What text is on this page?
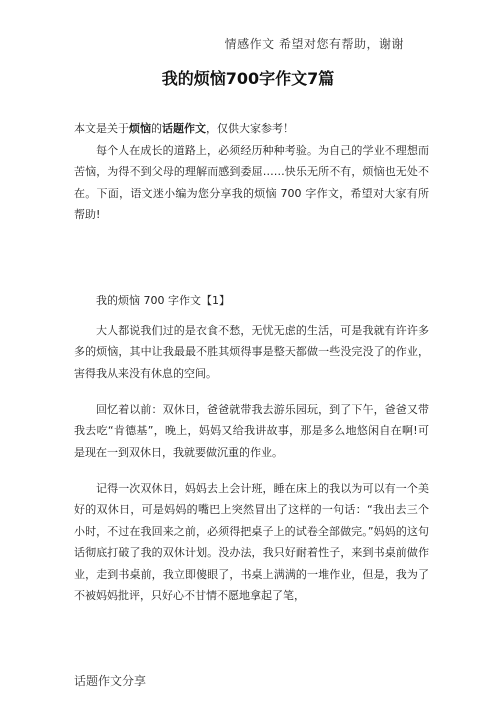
情感作文 希望对您有帮助，谢谢
我的烦恼700字作文7篇

本文是关于烦恼的话题作文，仅供大家参考！

每个人在成长的道路上，必须经历种种考验。为自己的学业不理想而苦恼，为得不到父母的理解而感到委屈……快乐无所不有，烦恼也无处不在。下面，语文迷小编为您分享我的烦恼 700 字作文，希望对大家有所帮助!

我的烦恼 700 字作文【1】

大人都说我们过的是衣食不愁，无忧无虑的生活，可是我就有许许多多的烦恼，其中让我最最不胜其烦得事是整天都做一些没完没了的作业，害得我从来没有休息的空间。

回忆着以前：双休日，爸爸就带我去游乐园玩，到了下午，爸爸又带我去吃“肯德基”，晚上，妈妈又给我讲故事，那是多么地悠闲自在啊!可是现在一到双休日，我就要做沉重的作业。

记得一次双休日，妈妈去上会计班，睡在床上的我以为可以有一个美好的双休日，可是妈妈的嘴巴上突然冒出了这样的一句话：“我出去三个小时，不过在我回来之前，必须得把桌子上的试卷全部做完。”妈妈的这句话彻底打破了我的双休计划。没办法，我只好耐着性子，来到书桌前做作业，走到书桌前，我立即傻眼了，书桌上满满的一堆作业，但是，我为了不被妈妈批评，只好心不甘情不愿地拿起了笔，

话题作文分享
